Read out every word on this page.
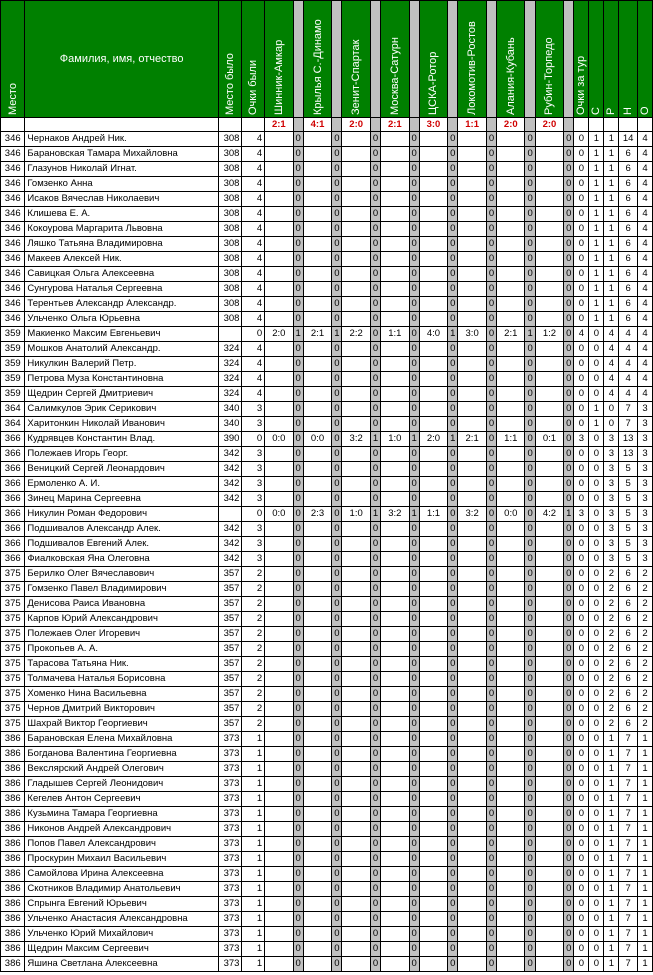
Место	Фамилия, имя, отчество	Место было	Очки были	Шинник-Амкар		Крылья С.-Динамо		Зенит-Спартак		Москва-Сатурн		ЦСКА-Ротор		Локомотив-Ростов		Алания-Кубань		Рубин-Торпедо		Очки за тур	С	Р	Н	О

				2:1		4:1		2:0		2:1		3:0		1:1		2:0		2:0						
346	Чернаков Андрей Ник.	308	4		0		0		0		0		0		0		0		0	0	1	1	14	4
346	Барановская Тамара Михайловна	308	4		0		0		0		0		0		0		0		0	0	1	1	6	4
346	Глазунов Николай Игнат.	308	4		0		0		0		0		0		0		0		0	0	1	1	6	4
346	Гомзенко Анна	308	4		0		0		0		0		0		0		0		0	0	1	1	6	4
346	Исаков Вячеслав Николаевич	308	4		0		0		0		0		0		0		0		0	0	1	1	6	4
346	Клишева Е. А.	308	4		0		0		0		0		0		0		0		0	0	1	1	6	4
346	Кокоурова Маргарита Львовна	308	4		0		0		0		0		0		0		0		0	0	1	1	6	4
346	Ляшко Татьяна Владимировна	308	4		0		0		0		0		0		0		0		0	0	1	1	6	4
346	Макеев Алексей Ник.	308	4		0		0		0		0		0		0		0		0	0	1	1	6	4
346	Савицкая Ольга Алексеевна	308	4		0		0		0		0		0		0		0		0	0	1	1	6	4
346	Сунгурова Наталья Сергеевна	308	4		0		0		0		0		0		0		0		0	0	1	1	6	4
346	Терентьев Александр Александр.	308	4		0		0		0		0		0		0		0		0	0	1	1	6	4
346	Ульченко Ольга Юрьевна	308	4		0		0		0		0		0		0		0		0	0	1	1	6	4
359	Макиенко Максим Евгеньевич		0	2:0	1	2:1	1	2:2	0	1:1	0	4:0	1	3:0	0	2:1	1	1:2	0	4	0	4	4	4
359	Мошков Анатолий Александр.	324	4		0		0		0		0		0		0		0		0	0	0	4	4	4
359	Никулкин Валерий Петр.	324	4		0		0		0		0		0		0		0		0	0	0	4	4	4
359	Петрова Муза Константиновна	324	4		0		0		0		0		0		0		0		0	0	0	4	4	4
359	Щедрин Сергей Дмитриевич	324	4		0		0		0		0		0		0		0		0	0	0	4	4	4
364	Салимкулов Эрик Серикович	340	3		0		0		0		0		0		0		0		0	0	1	0	7	3
364	Харитонкин Николай Иванович	340	3		0		0		0		0		0		0		0		0	0	1	0	7	3
366	Кудрявцев Константин Влад.	390	0	0:0	0	0:0	0	3:2	1	1:0	1	2:0	1	2:1	0	1:1	0	0:1	0	3	0	3	13	3
366	Полежаев Игорь Георг.	342	3		0		0		0		0		0		0		0		0	0	0	3	13	3
366	Веницкий Сергей Леонардович	342	3		0		0		0		0		0		0		0		0	0	0	3	5	3
366	Ермоленко А. И.	342	3		0		0		0		0		0		0		0		0	0	0	3	5	3
366	Зинец Марина Сергеевна	342	3		0		0		0		0		0		0		0		0	0	0	3	5	3
366	Никулин Роман Федорович		0	0:0	0	2:3	0	1:0	1	3:2	1	1:1	0	3:2	0	0:0	0	4:2	1	3	0	3	5	3
366	Подшивалов Александр Алек.	342	3		0		0		0		0		0		0		0		0	0	0	3	5	3
366	Подшивалов Евгений Алек.	342	3		0		0		0		0		0		0		0		0	0	0	3	5	3
366	Фиалковская Яна Олеговна	342	3		0		0		0		0		0		0		0		0	0	0	3	5	3
375	Берилко Олег Вячеславович	357	2		0		0		0		0		0		0		0		0	0	0	2	6	2
375	Гомзенко Павел Владимирович	357	2		0		0		0		0		0		0		0		0	0	0	2	6	2
375	Денисова Раиса Ивановна	357	2		0		0		0		0		0		0		0		0	0	0	2	6	2
375	Карпов Юрий Александрович	357	2		0		0		0		0		0		0		0		0	0	0	2	6	2
375	Полежаев Олег Игоревич	357	2		0		0		0		0		0		0		0		0	0	0	2	6	2
375	Прокопьев А. А.	357	2		0		0		0		0		0		0		0		0	0	0	2	6	2
375	Тарасова Татьяна Ник.	357	2		0		0		0		0		0		0		0		0	0	0	2	6	2
375	Толмачева Наталья Борисовна	357	2		0		0		0		0		0		0		0		0	0	0	2	6	2
375	Хоменко Нина Васильевна	357	2		0		0		0		0		0		0		0		0	0	0	2	6	2
375	Чернов Дмитрий Викторович	357	2		0		0		0		0		0		0		0		0	0	0	2	6	2
375	Шахрай Виктор Георгиевич	357	2		0		0		0		0		0		0		0		0	0	0	2	6	2
386	Барановская Елена Михайловна	373	1		0		0		0		0		0		0		0		0	0	0	1	7	1
386	Богданова Валентина Георгиевна	373	1		0		0		0		0		0		0		0		0	0	0	1	7	1
386	Векслярский Андрей Олегович	373	1		0		0		0		0		0		0		0		0	0	0	1	7	1
386	Гладышев Сергей Леонидович	373	1		0		0		0		0		0		0		0		0	0	0	1	7	1
386	Кегелев Антон Сергеевич	373	1		0		0		0		0		0		0		0		0	0	0	1	7	1
386	Кузьмина Тамара Георгиевна	373	1		0		0		0		0		0		0		0		0	0	0	1	7	1
386	Никонов Андрей Александрович	373	1		0		0		0		0		0		0		0		0	0	0	1	7	1
386	Попов Павел Александрович	373	1		0		0		0		0		0		0		0		0	0	0	1	7	1
386	Проскурин Михаил Васильевич	373	1		0		0		0		0		0		0		0		0	0	0	1	7	1
386	Самойлова Ирина Алексеевна	373	1		0		0		0		0		0		0		0		0	0	0	1	7	1
386	Скотников Владимир Анатольевич	373	1		0		0		0		0		0		0		0		0	0	0	1	7	1
386	Спрынга Евгений Юрьевич	373	1		0		0		0		0		0		0		0		0	0	0	1	7	1
386	Ульченко Анастасия Александровна	373	1		0		0		0		0		0		0		0		0	0	0	1	7	1
386	Ульченко Юрий Михайлович	373	1		0		0		0		0		0		0		0		0	0	0	1	7	1
386	Щедрин Максим Сергеевич	373	1		0		0		0		0		0		0		0		0	0	0	1	7	1
386	Яшина Светлана Алексеевна	373	1		0		0		0		0		0		0		0		0	0	0	1	7	1
